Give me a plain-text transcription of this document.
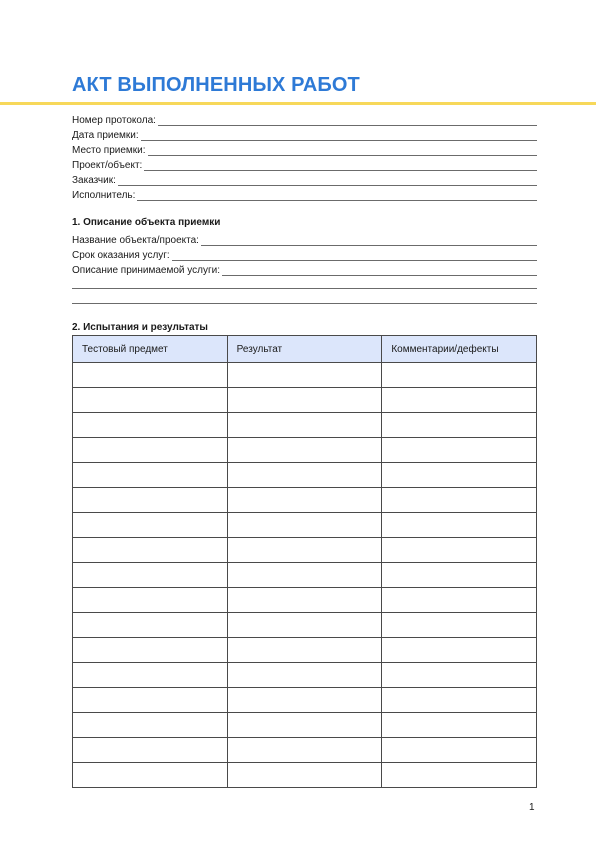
АКТ ВЫПОЛНЕННЫХ РАБОТ
Номер протокола:
Дата приемки:
Место приемки:
Проект/объект:
Заказчик:
Исполнитель:
1. Описание объекта приемки
Название объекта/проекта:
Срок оказания услуг:
Описание принимаемой услуги:
2. Испытания и результаты
Тестовый предмет	Результат	Комментарии/дефекты

1
